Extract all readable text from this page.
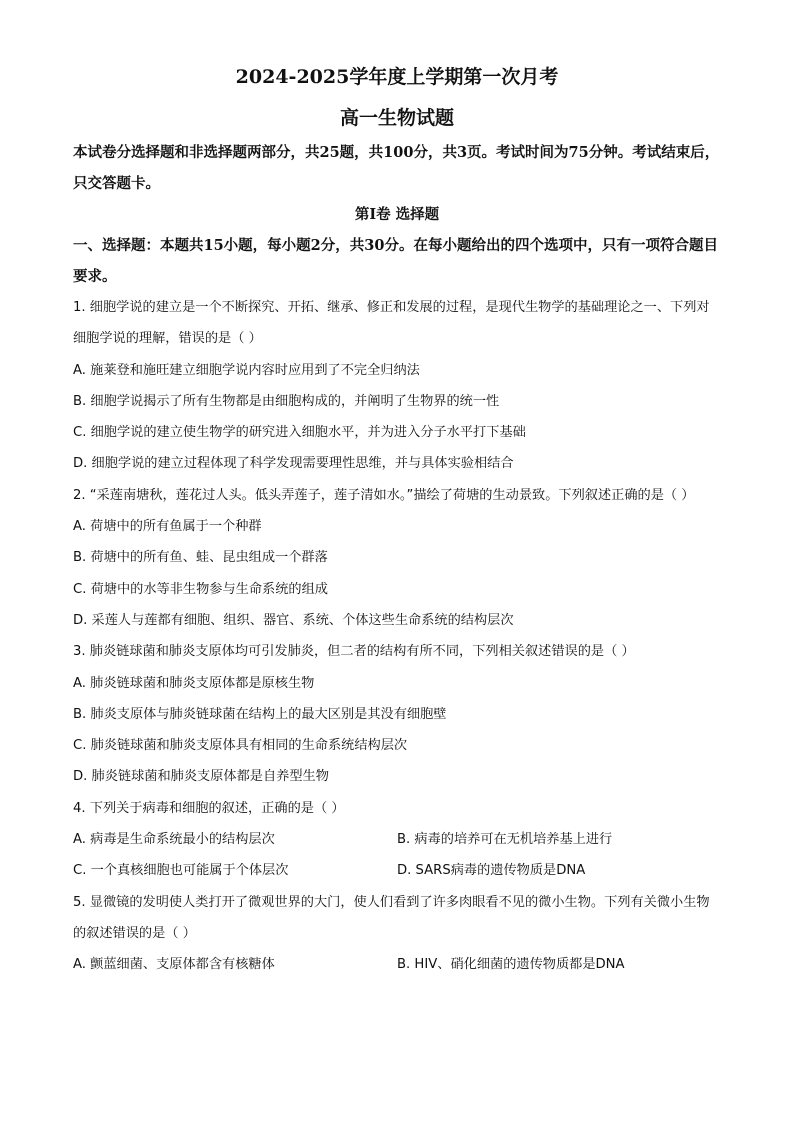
2024-2025学年度上学期第一次月考

高一生物试题

本试卷分选择题和非选择题两部分，共25题，共100分，共3页。考试时间为75分钟。考试结束后，只交答题卡。

第Ⅰ卷 选择题

一、选择题：本题共15小题，每小题2分，共30分。在每小题给出的四个选项中，只有一项符合题目要求。

1. 细胞学说的建立是一个不断探究、开拓、继承、修正和发展的过程，是现代生物学的基础理论之一、下列对细胞学说的理解，错误的是（ ）

A. 施莱登和施旺建立细胞学说内容时应用到了不完全归纳法

B. 细胞学说揭示了所有生物都是由细胞构成的，并阐明了生物界的统一性

C. 细胞学说的建立使生物学的研究进入细胞水平，并为进入分子水平打下基础

D. 细胞学说的建立过程体现了科学发现需要理性思维，并与具体实验相结合

2. “采莲南塘秋，莲花过人头。低头弄莲子，莲子清如水。”描绘了荷塘的生动景致。下列叙述正确的是（ ）

A. 荷塘中的所有鱼属于一个种群

B. 荷塘中的所有鱼、蛙、昆虫组成一个群落

C. 荷塘中的水等非生物参与生命系统的组成

D. 采莲人与莲都有细胞、组织、器官、系统、个体这些生命系统的结构层次

3. 肺炎链球菌和肺炎支原体均可引发肺炎，但二者的结构有所不同，下列相关叙述错误的是（ ）

A. 肺炎链球菌和肺炎支原体都是原核生物

B. 肺炎支原体与肺炎链球菌在结构上的最大区别是其没有细胞壁

C. 肺炎链球菌和肺炎支原体具有相同的生命系统结构层次

D. 肺炎链球菌和肺炎支原体都是自养型生物

4. 下列关于病毒和细胞的叙述，正确的是（ ）

A. 病毒是生命系统最小的结构层次	B. 病毒的培养可在无机培养基上进行
C. 一个真核细胞也可能属于个体层次	D. SARS病毒的遗传物质是DNA

5. 显微镜的发明使人类打开了微观世界的大门，使人们看到了许多肉眼看不见的微小生物。下列有关微小生物的叙述错误的是（ ）

A. 颤蓝细菌、支原体都含有核糖体	B. HIV、硝化细菌的遗传物质都是DNA
